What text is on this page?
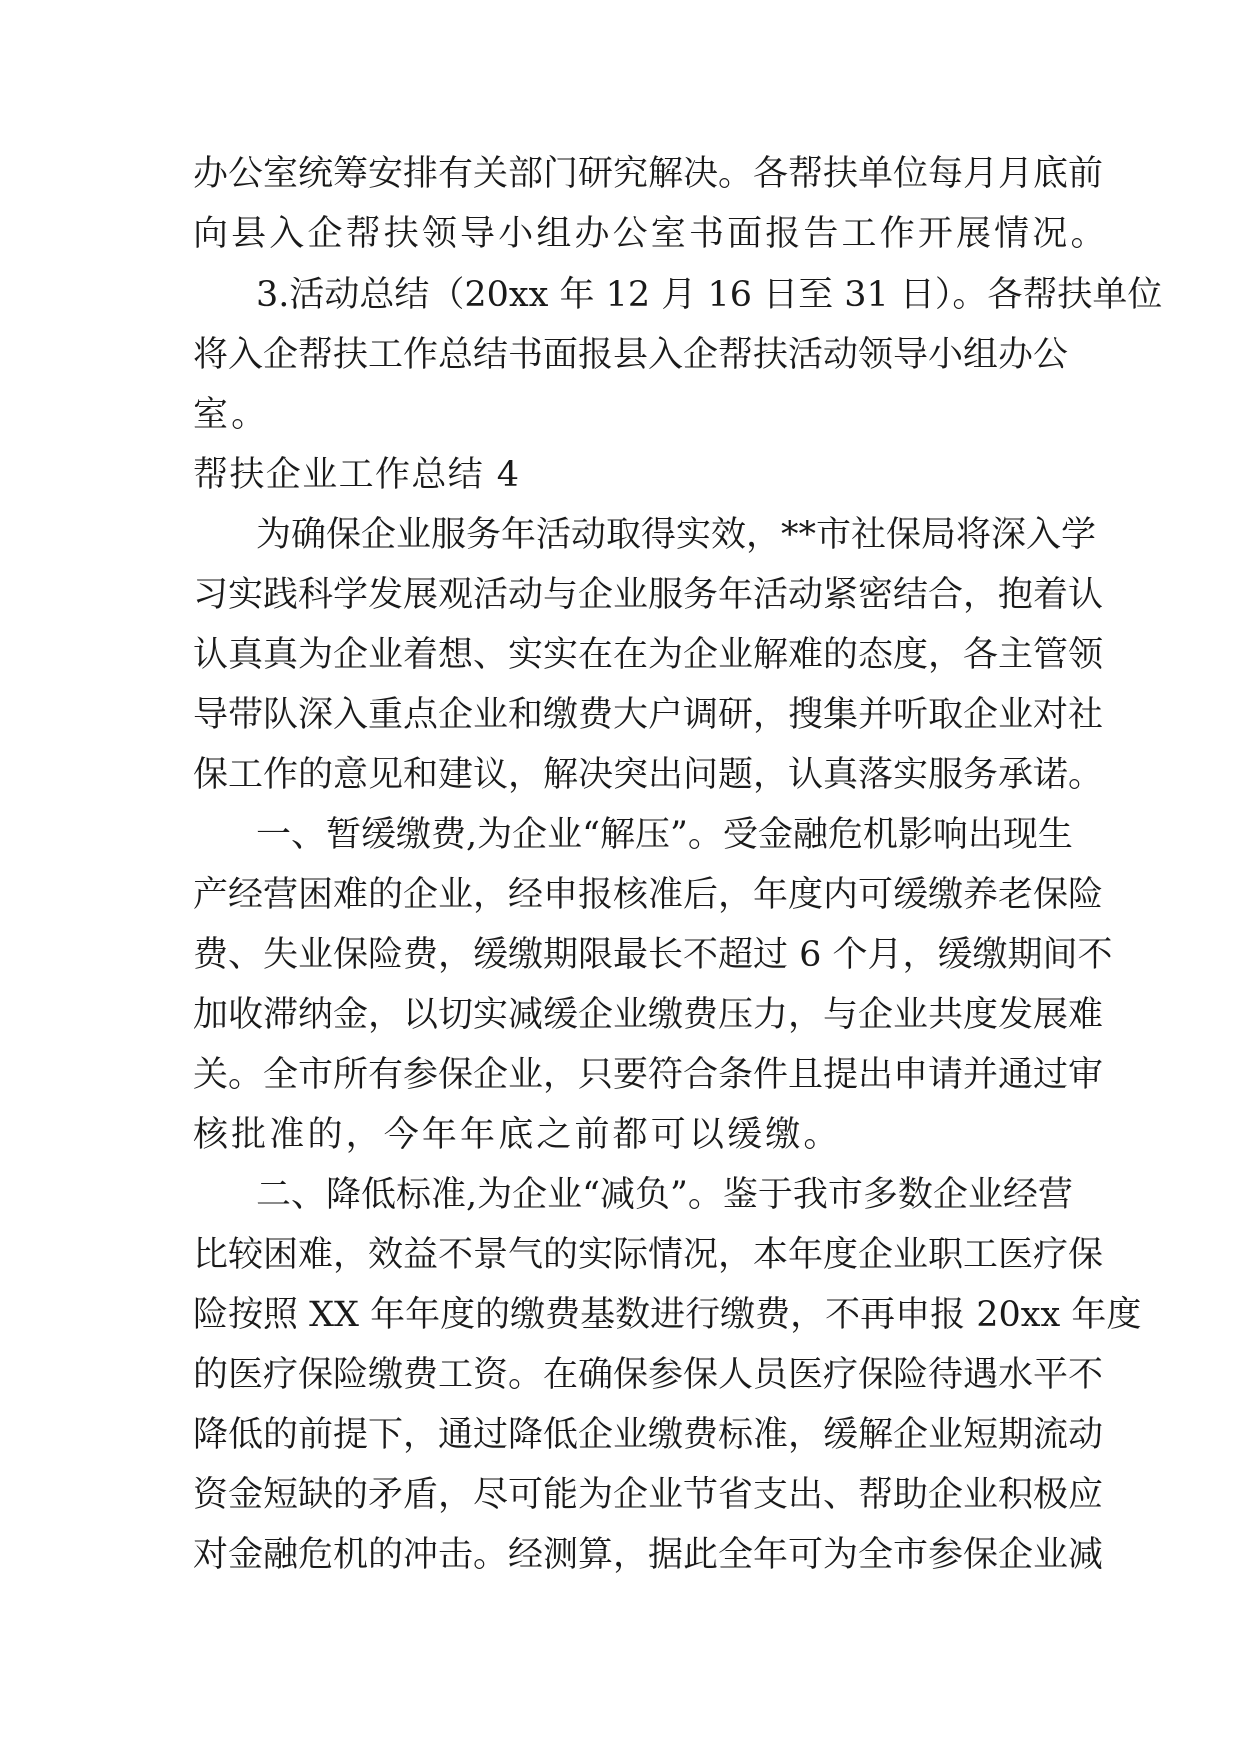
办公室统筹安排有关部门研究解决。各帮扶单位每月月底前
向县入企帮扶领导小组办公室书面报告工作开展情况。
3.活动总结（20xx 年 12 月 16 日至 31 日）。各帮扶单位
将入企帮扶工作总结书面报县入企帮扶活动领导小组办公
室。
帮扶企业工作总结 4
为确保企业服务年活动取得实效，**市社保局将深入学
习实践科学发展观活动与企业服务年活动紧密结合，抱着认
认真真为企业着想、实实在在为企业解难的态度，各主管领
导带队深入重点企业和缴费大户调研，搜集并听取企业对社
保工作的意见和建议，解决突出问题，认真落实服务承诺。
一、暂缓缴费,为企业“解压”。受金融危机影响出现生
产经营困难的企业，经申报核准后，年度内可缓缴养老保险
费、失业保险费，缓缴期限最长不超过 6 个月，缓缴期间不
加收滞纳金，以切实减缓企业缴费压力，与企业共度发展难
关。全市所有参保企业，只要符合条件且提出申请并通过审
核批准的，今年年底之前都可以缓缴。
二、降低标准,为企业“减负”。鉴于我市多数企业经营
比较困难，效益不景气的实际情况，本年度企业职工医疗保
险按照 XX 年年度的缴费基数进行缴费，不再申报 20xx 年度
的医疗保险缴费工资。在确保参保人员医疗保险待遇水平不
降低的前提下，通过降低企业缴费标准，缓解企业短期流动
资金短缺的矛盾，尽可能为企业节省支出、帮助企业积极应
对金融危机的冲击。经测算，据此全年可为全市参保企业减
